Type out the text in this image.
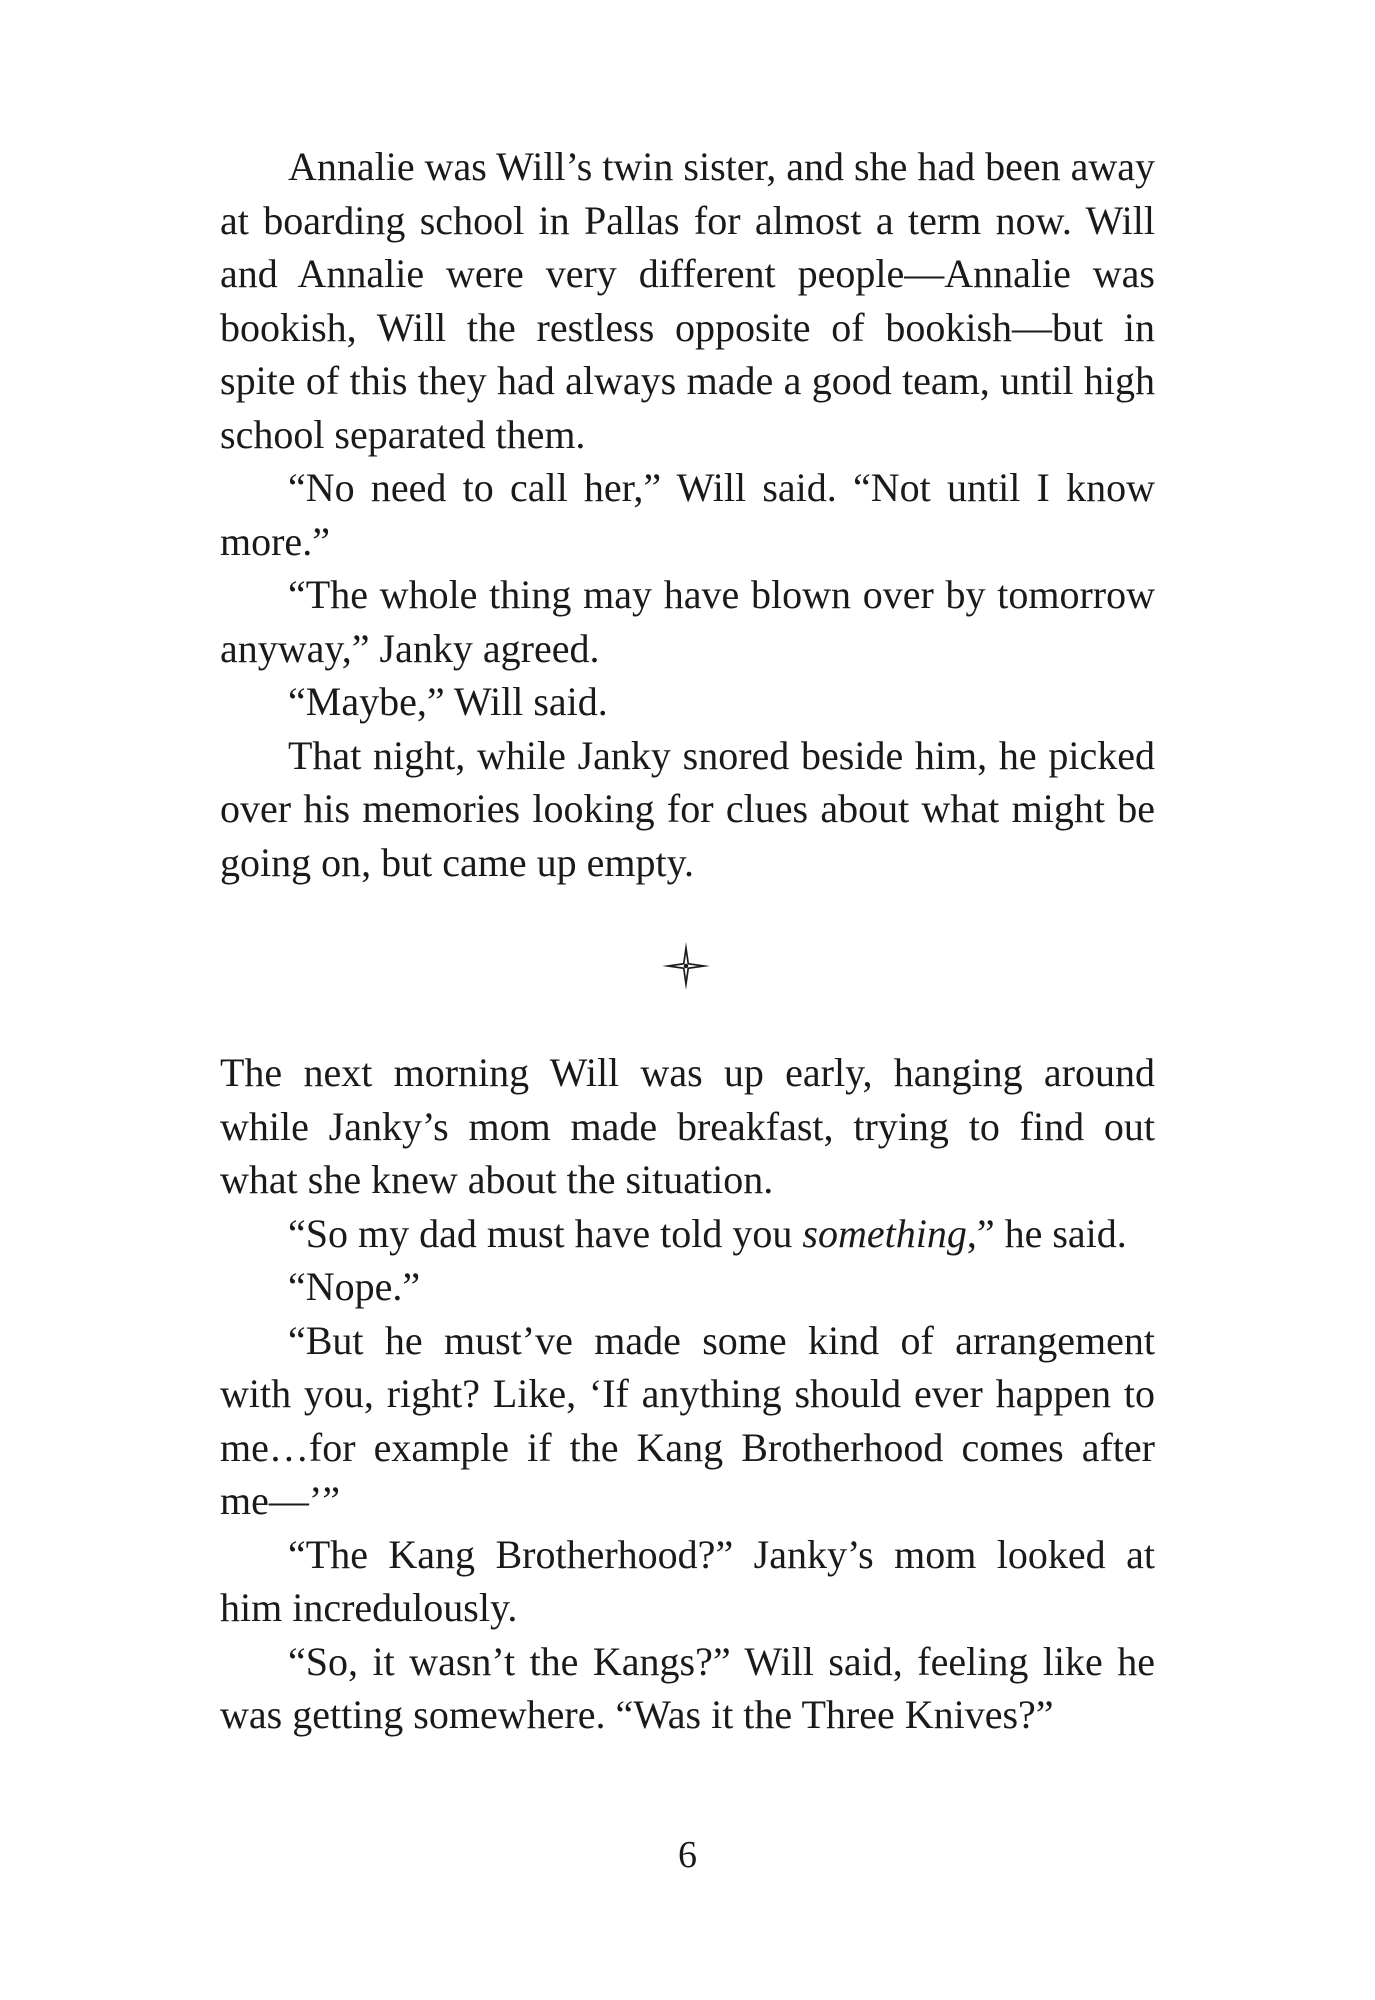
Annalie was Will’s twin sister, and she had been away at boarding school in Pallas for almost a term now. Will and Annalie were very different people—Annalie was bookish, Will the restless opposite of bookish—but in spite of this they had always made a good team, until high school separated them.

“No need to call her,” Will said. “Not until I know more.”

“The whole thing may have blown over by tomorrow anyway,” Janky agreed.

“Maybe,” Will said.

That night, while Janky snored beside him, he picked over his memories looking for clues about what might be going on, but came up empty.

The next morning Will was up early, hanging around while Janky’s mom made breakfast, trying to find out what she knew about the situation.

“So my dad must have told you something,” he said.

“Nope.”

“But he must’ve made some kind of arrangement with you, right? Like, ‘If anything should ever happen to me…for example if the Kang Brotherhood comes after me—’”

“The Kang Brotherhood?” Janky’s mom looked at him incredulously.

“So, it wasn’t the Kangs?” Will said, feeling like he was getting somewhere. “Was it the Three Knives?”

6
